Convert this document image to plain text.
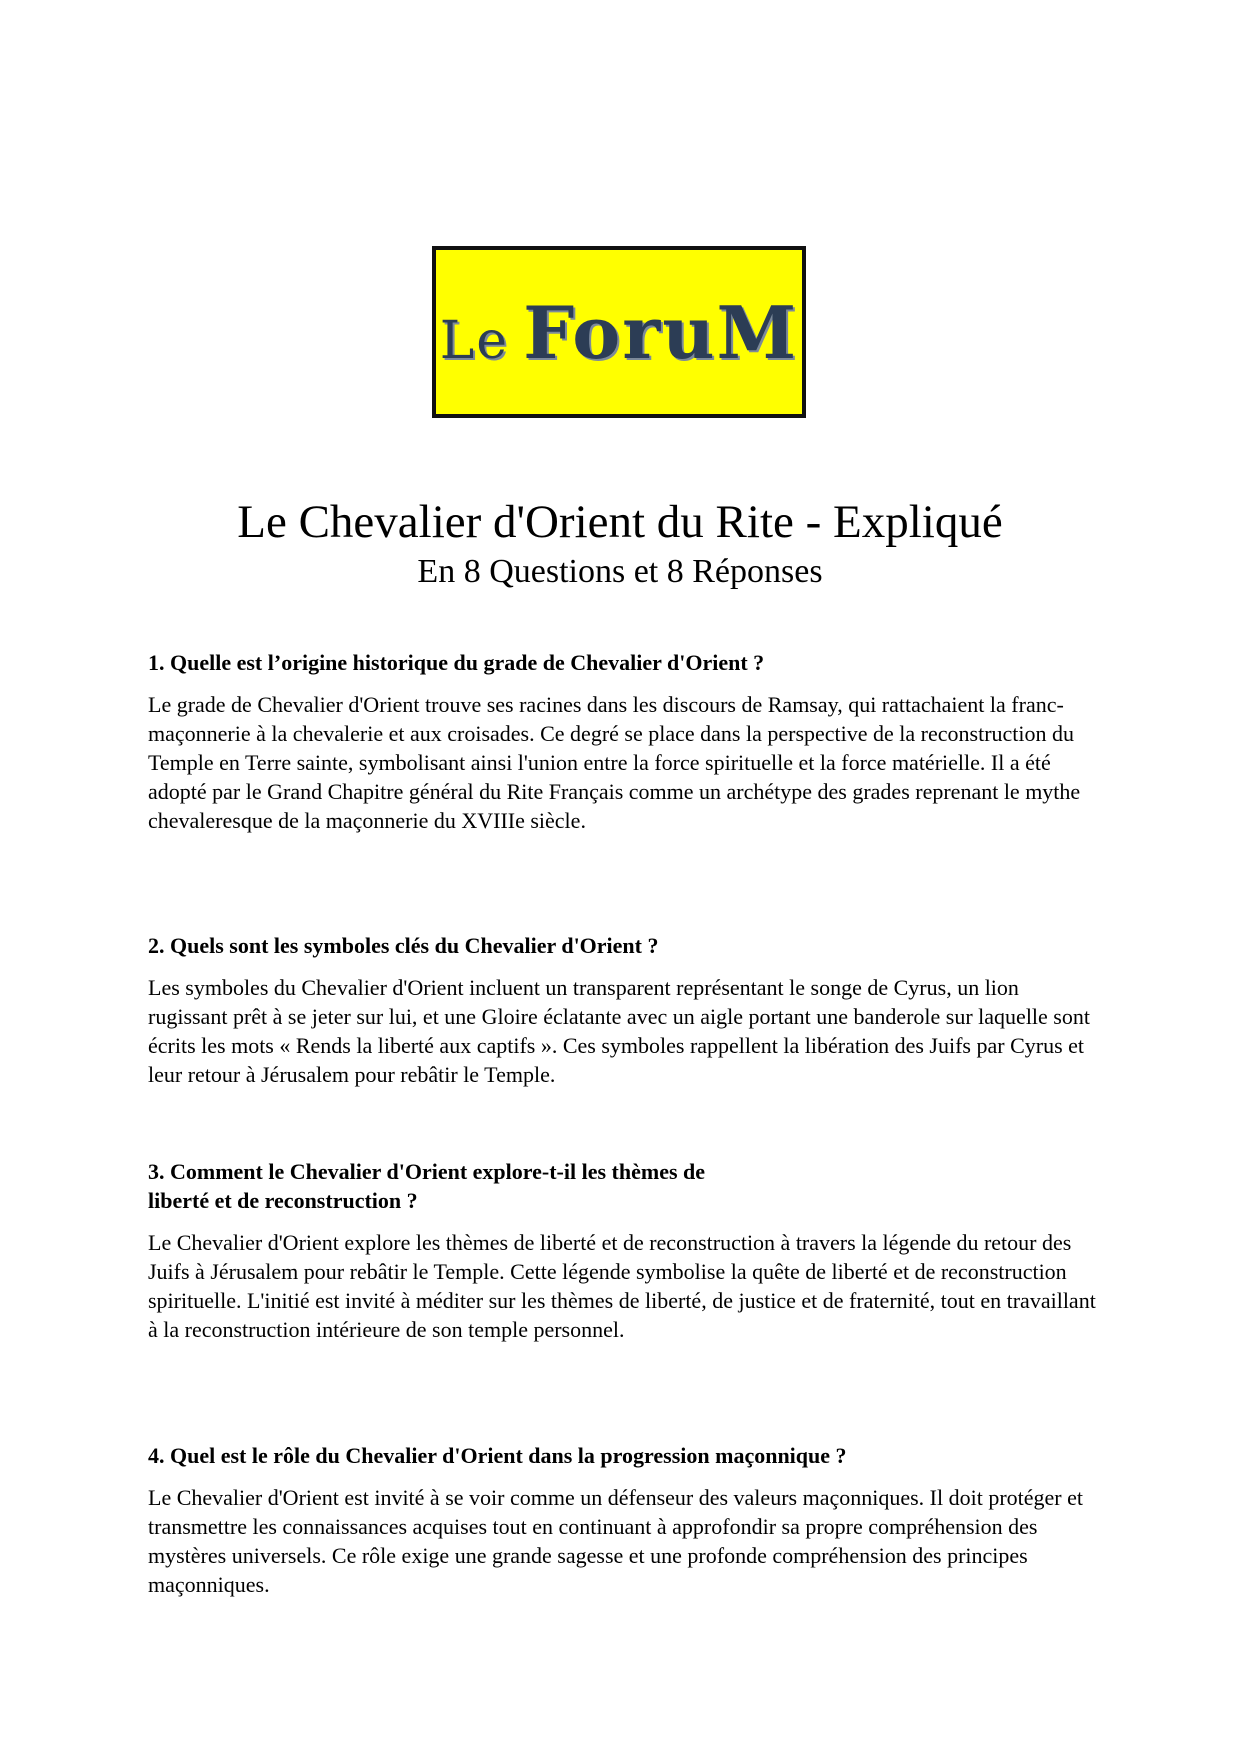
Le ForuM
Le Chevalier d'Orient du Rite - Expliqué
En 8 Questions et 8 Réponses

1. Quelle est l’origine historique du grade de Chevalier d'Orient ?

Le grade de Chevalier d'Orient trouve ses racines dans les discours de Ramsay, qui rattachaient la franc-maçonnerie à la chevalerie et aux croisades. Ce degré se place dans la perspective de la reconstruction du Temple en Terre sainte, symbolisant ainsi l'union entre la force spirituelle et la force matérielle. Il a été adopté par le Grand Chapitre général du Rite Français comme un archétype des grades reprenant le mythe chevaleresque de la maçonnerie du XVIIIe siècle.

2. Quels sont les symboles clés du Chevalier d'Orient ?

Les symboles du Chevalier d'Orient incluent un transparent représentant le songe de Cyrus, un lion rugissant prêt à se jeter sur lui, et une Gloire éclatante avec un aigle portant une banderole sur laquelle sont écrits les mots « Rends la liberté aux captifs ». Ces symboles rappellent la libération des Juifs par Cyrus et leur retour à Jérusalem pour rebâtir le Temple.

3. Comment le Chevalier d'Orient explore-t-il les thèmes de liberté et de reconstruction ?

Le Chevalier d'Orient explore les thèmes de liberté et de reconstruction à travers la légende du retour des Juifs à Jérusalem pour rebâtir le Temple. Cette légende symbolise la quête de liberté et de reconstruction spirituelle. L'initié est invité à méditer sur les thèmes de liberté, de justice et de fraternité, tout en travaillant à la reconstruction intérieure de son temple personnel.

4. Quel est le rôle du Chevalier d'Orient dans la progression maçonnique ?

Le Chevalier d'Orient est invité à se voir comme un défenseur des valeurs maçonniques. Il doit protéger et transmettre les connaissances acquises tout en continuant à approfondir sa propre compréhension des mystères universels. Ce rôle exige une grande sagesse et une profonde compréhension des principes maçonniques.
